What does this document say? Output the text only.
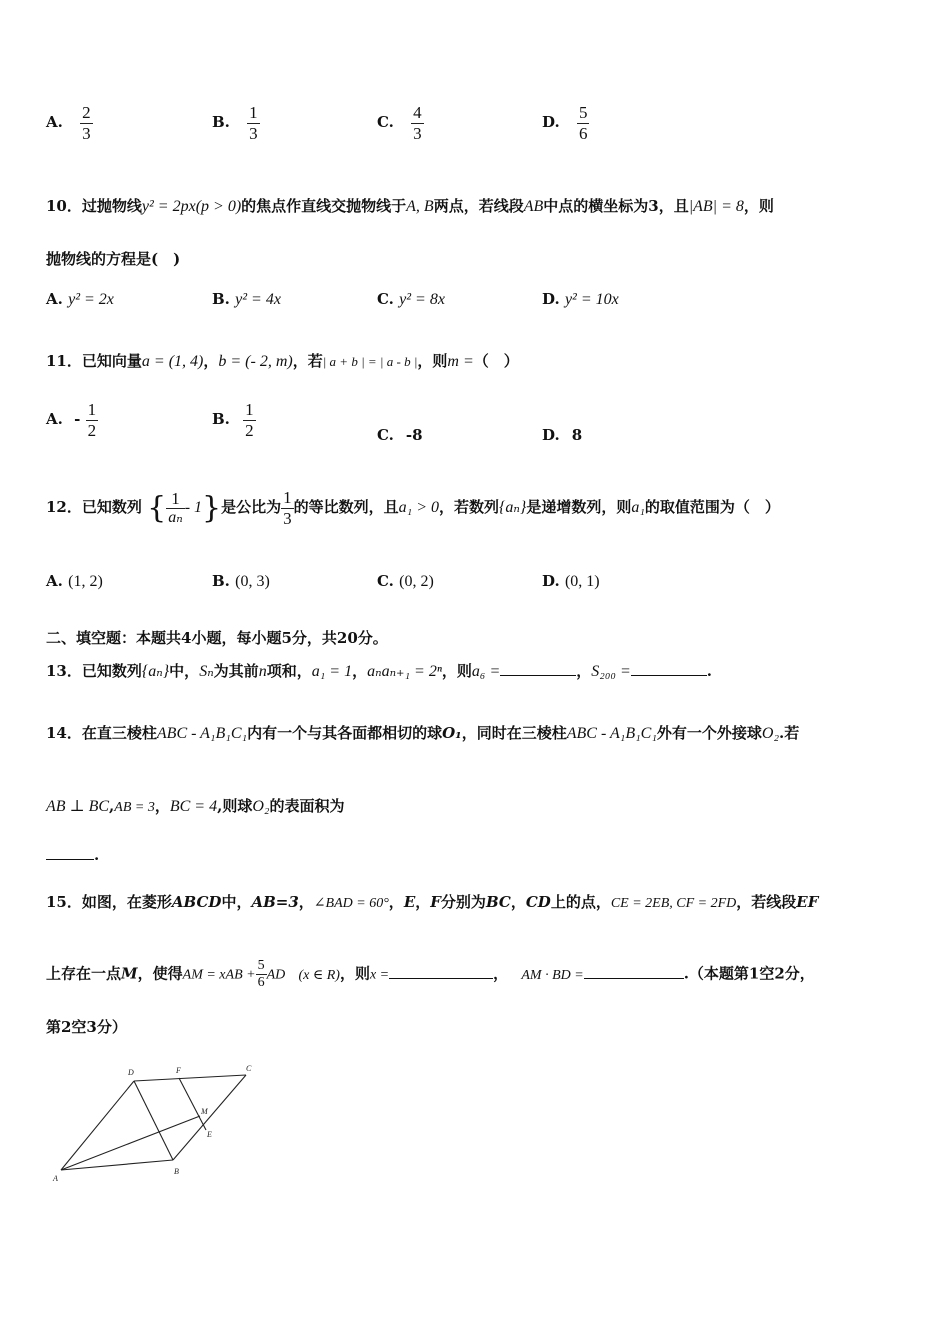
A. $\frac{2}{3}$	B. $\frac{1}{3}$	C. $\frac{4}{3}$	D. $\frac{5}{6}$
10．过抛物线y² = 2px(p > 0)的焦点作直线交抛物线于A, B两点，若线段AB中点的横坐标为3，且|AB| = 8，则
抛物线的方程是(　)
A. y² = 2x	B. y² = 4x	C. y² = 8x	D. y² = 10x
11．已知向量a = (1, 4)，b = (- 2, m)，若| a + b | = | a - b |，则m =（　）
A. - $\frac{1}{2}$	B. $\frac{1}{2}$	C. -8	D. 8
12．已知数列 { $\frac{1}{\text{aₙ}} - 1$}是公比为 $\frac{1}{3}$ 的等比数列，且a₁ > 0，若数列{aₙ}是递增数列，则a₁的取值范围为（　）
A. (1, 2)	B. (0, 3)	C. (0, 2)	D. (0, 1)
二、填空题：本题共4小题，每小题5分，共20分。
13．已知数列{aₙ}中，Sₙ为其前n项和，a₁ = 1，aₙaₙ₊₁ = 2ⁿ，则a₆ =	，S₂₀₀ =	.
14．在直三棱柱ABC - A₁B₁C₁内有一个与其各面都相切的球O₁，同时在三棱柱ABC - A₁B₁C₁外有一个外接球O₂.若
AB ⊥ BC,AB = 3，BC = 4,则球O₂的表面积为
.
15．如图，在菱形ABCD中，AB=3，∠BAD = 60°，E，F分别为BC，CD上的点，CE = 2EB, CF = 2FD，若线段EF
上存在一点M，使得AM = xAB + $\frac{5}{6}$ AD (x ∈ R)，则x =	， AM · BD =	.（本题第1空2分，
第2空3分）
A
B
C
D
E
F
M
